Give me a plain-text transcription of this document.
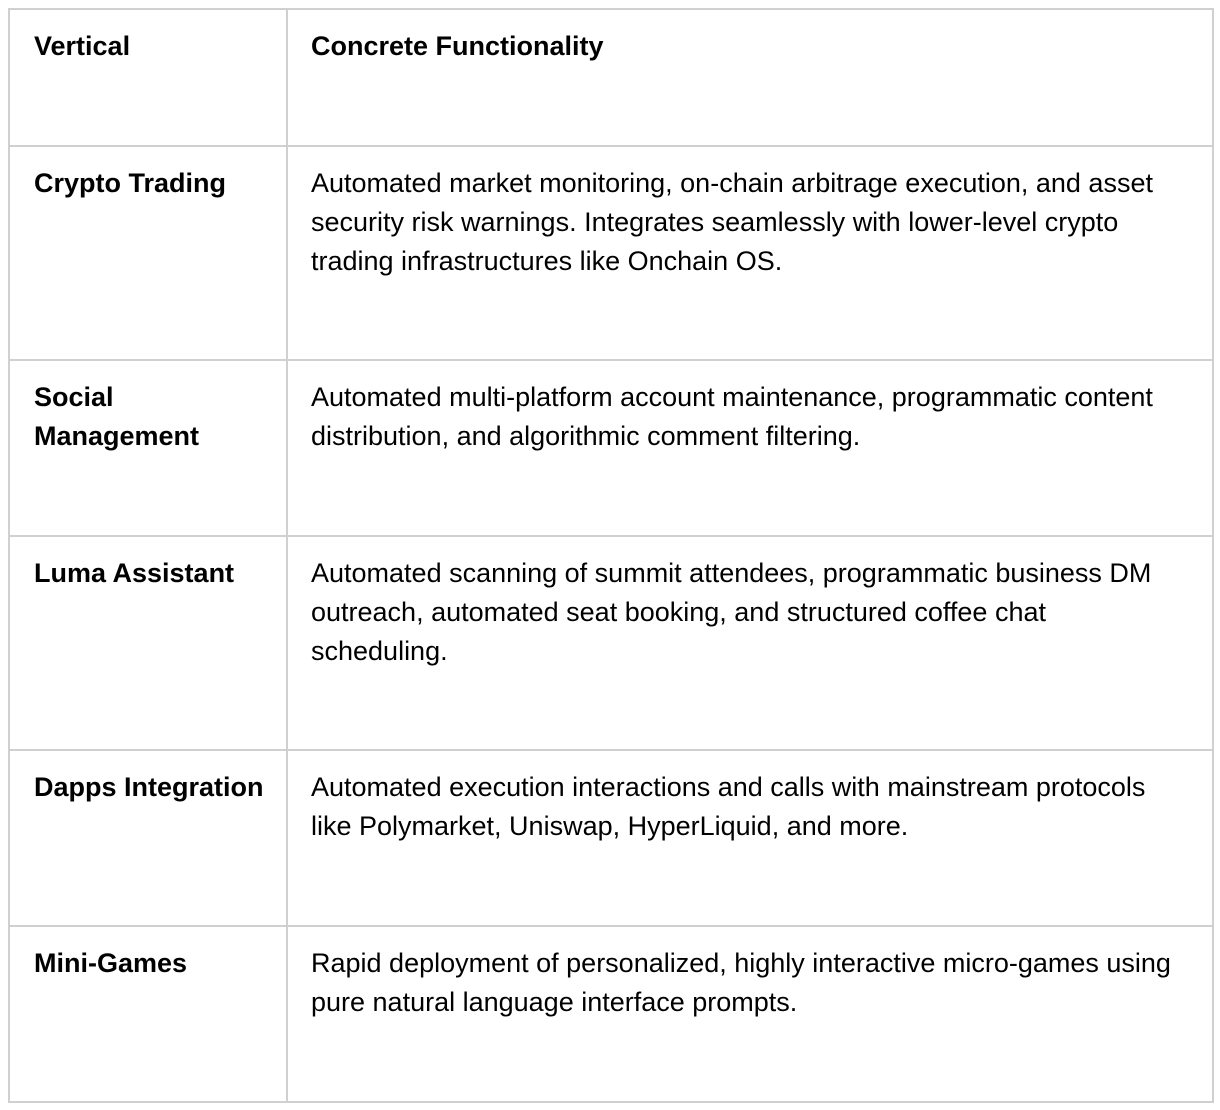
Vertical	Concrete Functionality

Crypto Trading	Automated market monitoring, on-chain arbitrage execution, and asset security risk warnings. Integrates seamlessly with lower-level crypto trading infrastructures like Onchain OS.

Social Management	Automated multi-platform account maintenance, programmatic content distribution, and algorithmic comment filtering.

Luma Assistant	Automated scanning of summit attendees, programmatic business DM outreach, automated seat booking, and structured coffee chat scheduling.

Dapps Integration	Automated execution interactions and calls with mainstream protocols like Polymarket, Uniswap, HyperLiquid, and more.

Mini-Games	Rapid deployment of personalized, highly interactive micro-games using pure natural language interface prompts.
